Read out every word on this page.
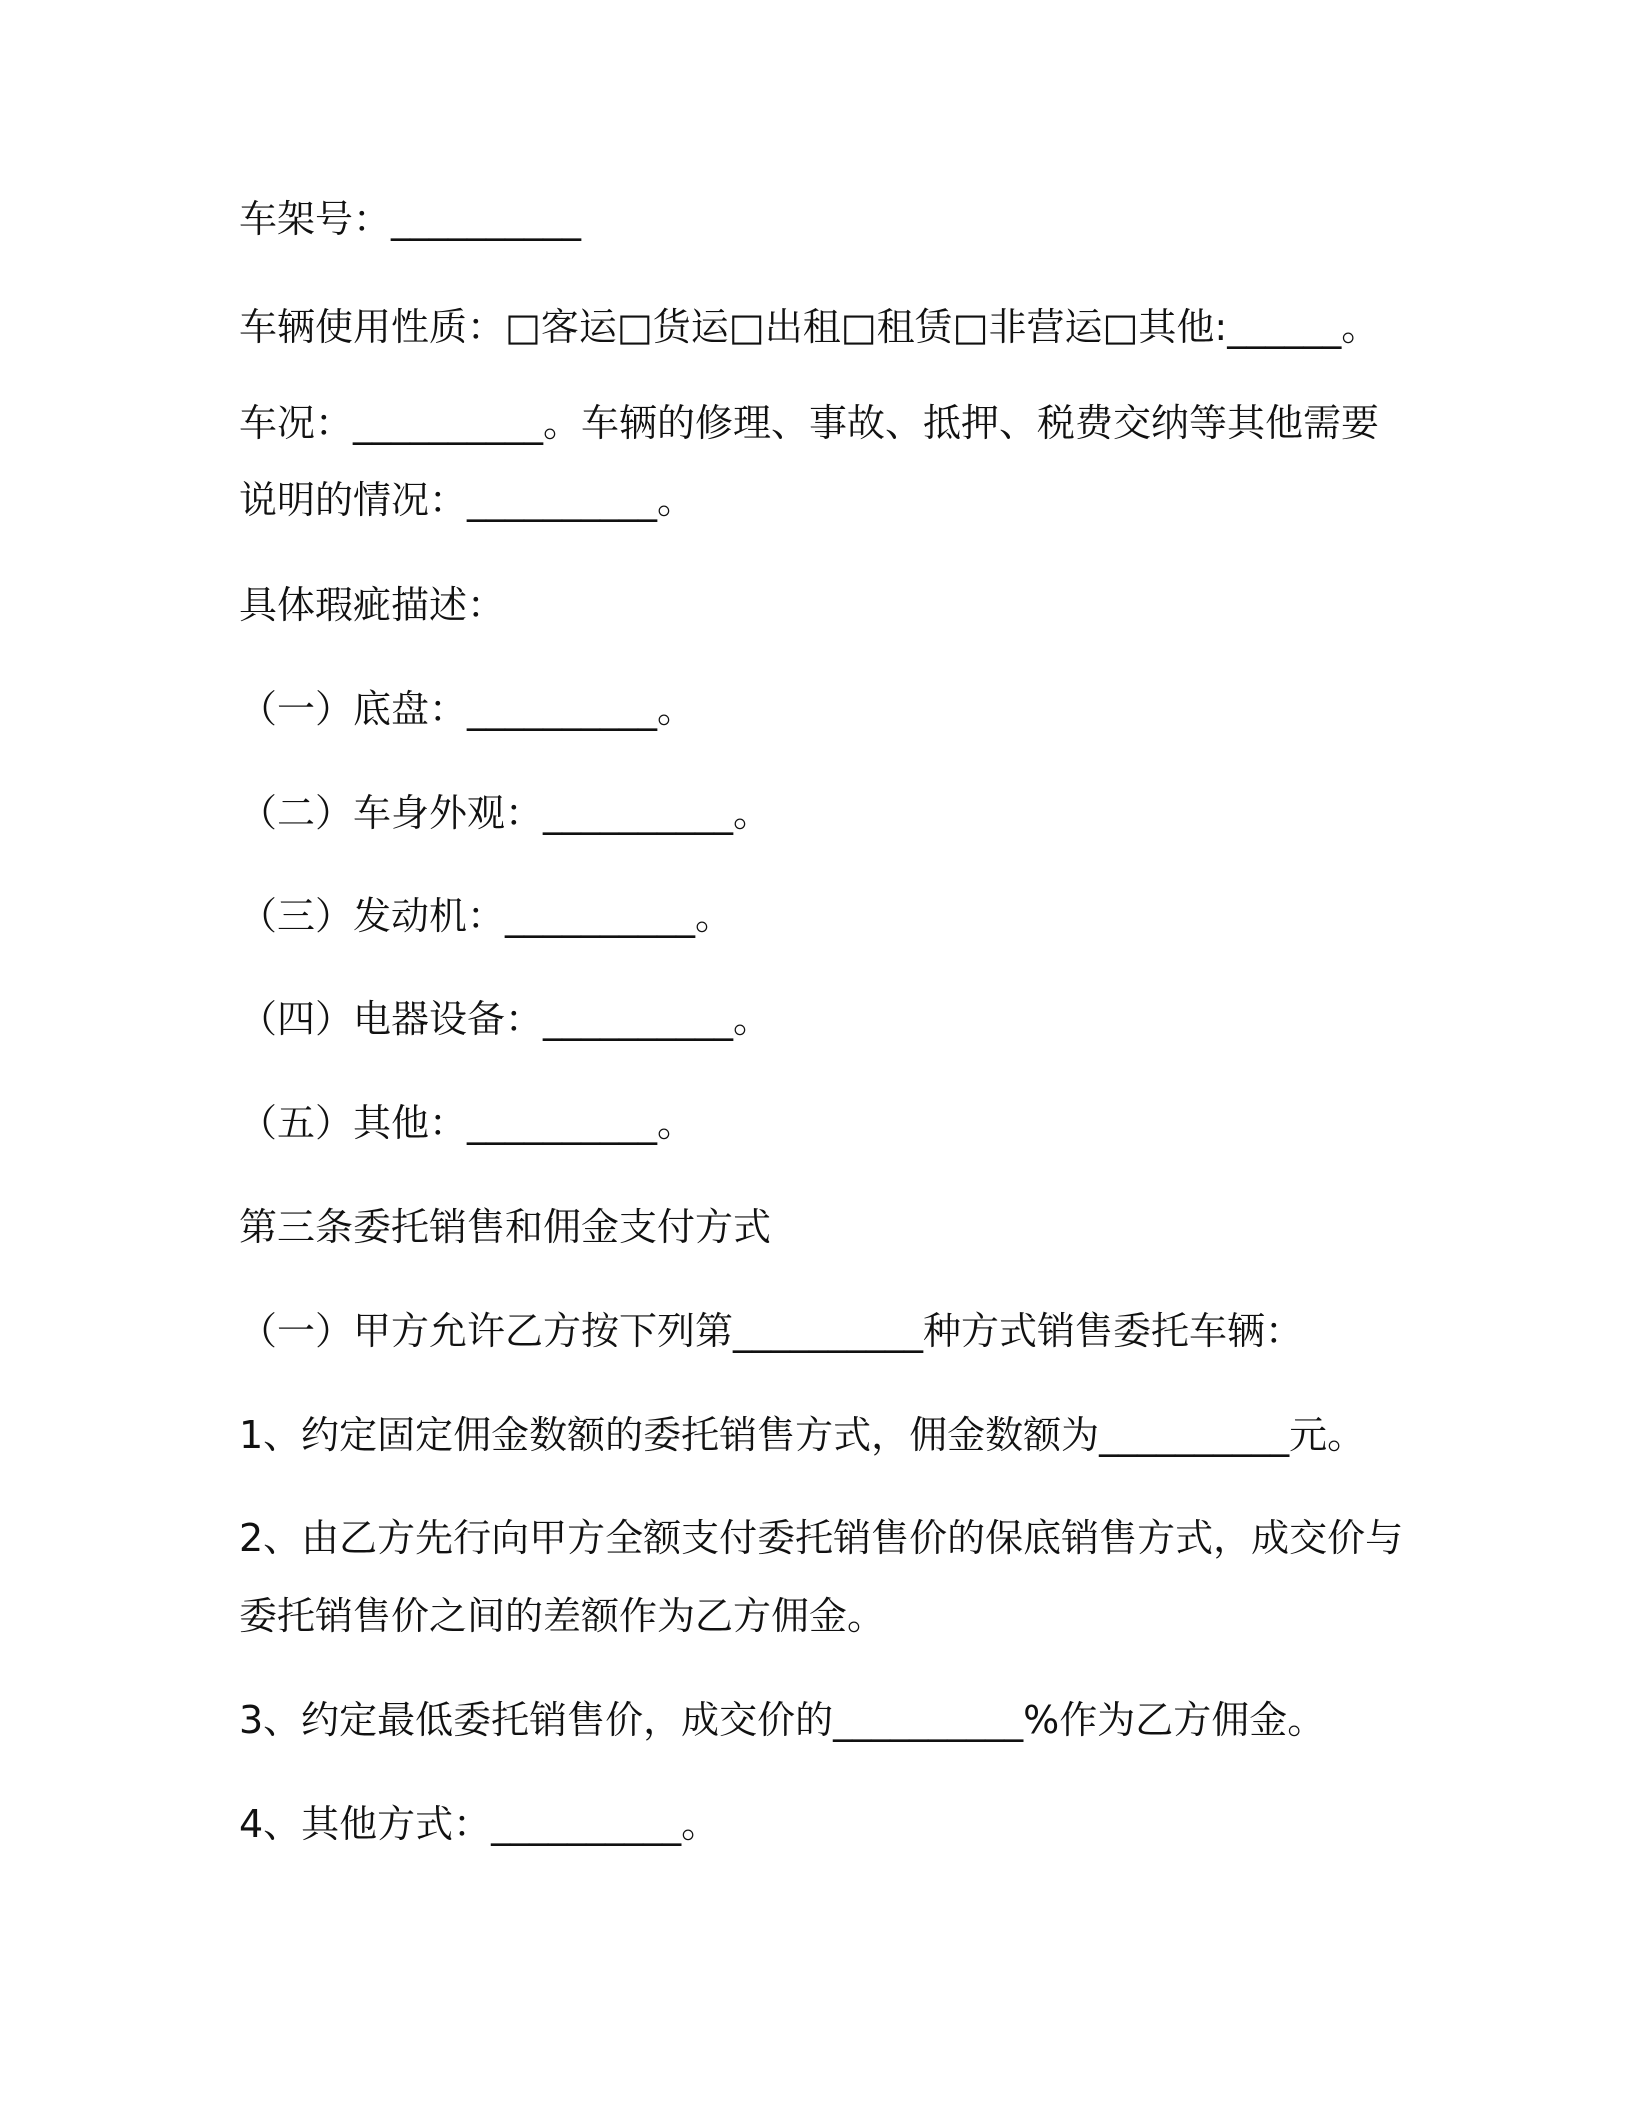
车架号：__________
车辆使用性质：□客运□货运□出租□租赁□非营运□其他:______。
车况：__________。车辆的修理、事故、抵押、税费交纳等其他需要
说明的情况：__________。
具体瑕疵描述：
（一）底盘：__________。
（二）车身外观：__________。
（三）发动机：__________。
（四）电器设备：__________。
（五）其他：__________。
第三条委托销售和佣金支付方式
（一）甲方允许乙方按下列第__________种方式销售委托车辆：
1、约定固定佣金数额的委托销售方式，佣金数额为__________元。
2、由乙方先行向甲方全额支付委托销售价的保底销售方式，成交价与
委托销售价之间的差额作为乙方佣金。
3、约定最低委托销售价，成交价的__________%作为乙方佣金。
4、其他方式：__________。
